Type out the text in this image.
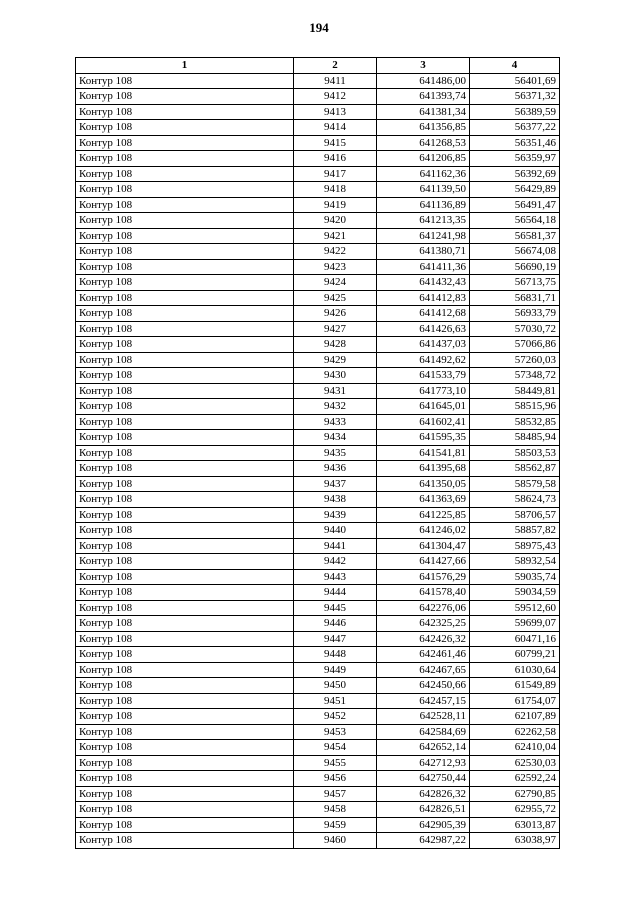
194
1	2	3	4
Контур 108	9411	641486,00	56401,69
Контур 108	9412	641393,74	56371,32
Контур 108	9413	641381,34	56389,59
Контур 108	9414	641356,85	56377,22
Контур 108	9415	641268,53	56351,46
Контур 108	9416	641206,85	56359,97
Контур 108	9417	641162,36	56392,69
Контур 108	9418	641139,50	56429,89
Контур 108	9419	641136,89	56491,47
Контур 108	9420	641213,35	56564,18
Контур 108	9421	641241,98	56581,37
Контур 108	9422	641380,71	56674,08
Контур 108	9423	641411,36	56690,19
Контур 108	9424	641432,43	56713,75
Контур 108	9425	641412,83	56831,71
Контур 108	9426	641412,68	56933,79
Контур 108	9427	641426,63	57030,72
Контур 108	9428	641437,03	57066,86
Контур 108	9429	641492,62	57260,03
Контур 108	9430	641533,79	57348,72
Контур 108	9431	641773,10	58449,81
Контур 108	9432	641645,01	58515,96
Контур 108	9433	641602,41	58532,85
Контур 108	9434	641595,35	58485,94
Контур 108	9435	641541,81	58503,53
Контур 108	9436	641395,68	58562,87
Контур 108	9437	641350,05	58579,58
Контур 108	9438	641363,69	58624,73
Контур 108	9439	641225,85	58706,57
Контур 108	9440	641246,02	58857,82
Контур 108	9441	641304,47	58975,43
Контур 108	9442	641427,66	58932,54
Контур 108	9443	641576,29	59035,74
Контур 108	9444	641578,40	59034,59
Контур 108	9445	642276,06	59512,60
Контур 108	9446	642325,25	59699,07
Контур 108	9447	642426,32	60471,16
Контур 108	9448	642461,46	60799,21
Контур 108	9449	642467,65	61030,64
Контур 108	9450	642450,66	61549,89
Контур 108	9451	642457,15	61754,07
Контур 108	9452	642528,11	62107,89
Контур 108	9453	642584,69	62262,58
Контур 108	9454	642652,14	62410,04
Контур 108	9455	642712,93	62530,03
Контур 108	9456	642750,44	62592,24
Контур 108	9457	642826,32	62790,85
Контур 108	9458	642826,51	62955,72
Контур 108	9459	642905,39	63013,87
Контур 108	9460	642987,22	63038,97
